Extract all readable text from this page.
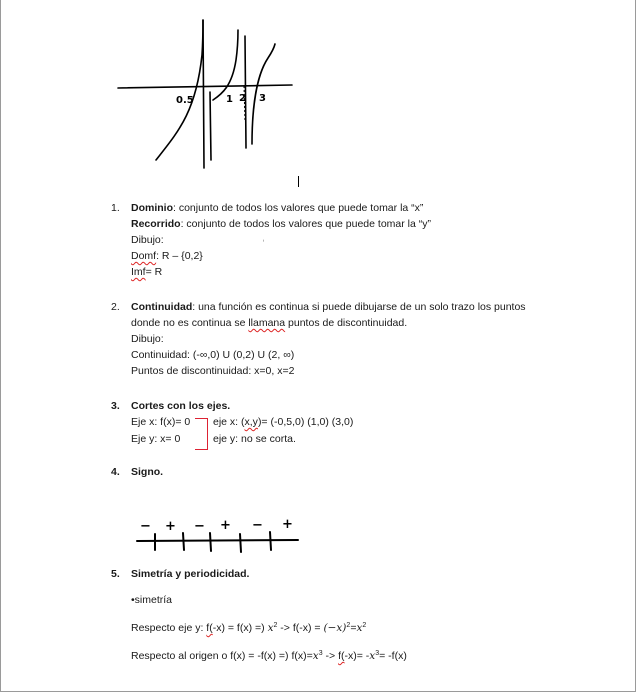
0.5	1 2 3
1. Dominio: conjunto de todos los valores que puede tomar la “x”
Recorrido: conjunto de todos los valores que puede tomar la “y”
Dibujo:	˒
Domf: R – {0,2}
Imf= R
2. Continuidad: una función es continua si puede dibujarse de un solo trazo los puntos
donde no es continua se llamana puntos de discontinuidad.
Dibujo:
Continuidad: (-∞,0) U (0,2) U (2, ∞)
Puntos de discontinuidad: x=0, x=2
3. Cortes con los ejes.
Eje x: f(x)= 0 eje x: (x,y)= (-0,5,0) (1,0) (3,0)
Eje y: x= 0	eje y: no se corta.
4. Signo.
− + − + − +
5. Simetría y periodicidad.
•simetría
Respecto eje y: f(-x) = f(x) =) $x^2 -> f(-x) = (-x)^2=x^2$
Respecto al origen o f(x) = -f(x) =) $f(x)=x^3 -> f(-x)= -x^3= -f(x)$
